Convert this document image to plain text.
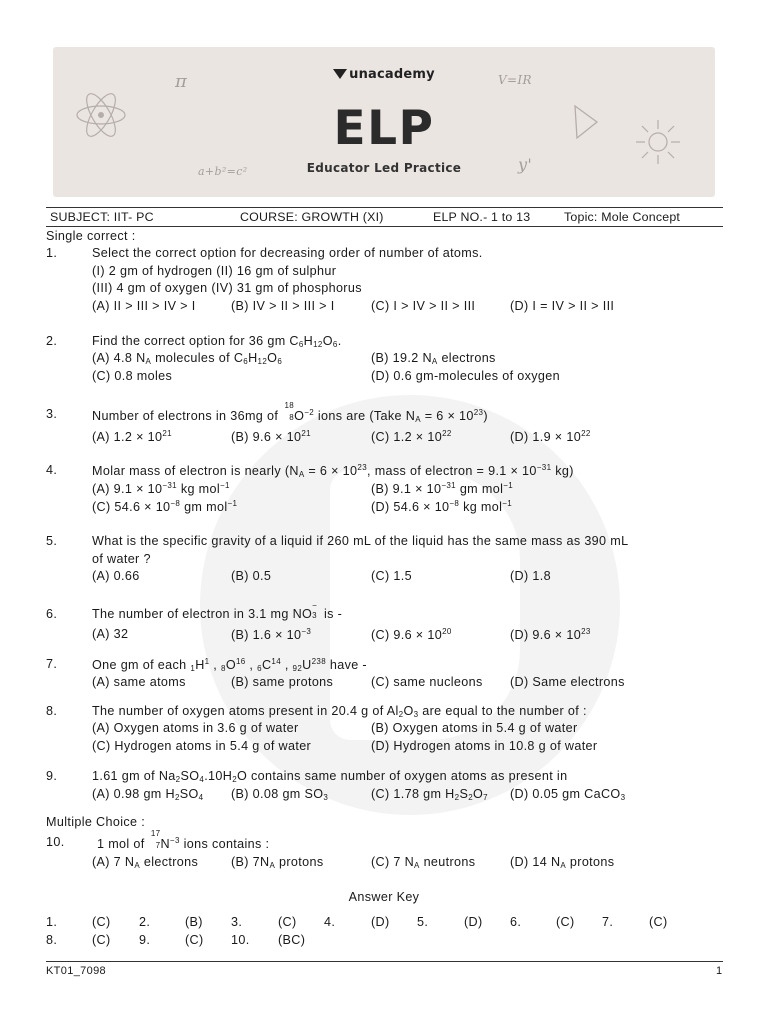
π	V=IR
a+b²=c²	y'
unacademy
ELP
Educator Led Practice
SUBJECT: IIT- PC	COURSE: GROWTH (XI)	ELP NO.- 1 to 13	Topic: Mole Concept
Single correct :
1.	Select the correct option for decreasing order of number of atoms.
(I) 2 gm of hydrogen (II) 16 gm of sulphur
(III) 4 gm of oxygen (IV) 31 gm of phosphorus
(A) II > III > IV > I	(B) IV > II > III > I	(C) I > IV > II > III	(D) I = IV > II > III
2.	Find the correct option for 36 gm $C_6H_{12}O_6$.
(A) 4.8 $N_A$ molecules of $C_6H_{12}O_6$	(B) 19.2 $N_A$ electrons
(C) 0.8 moles	(D) 0.6 gm-molecules of oxygen
3.	Number of electrons in 36mg of
18
8 $O^{-2}$ ions are (Take $N_A = 6 \times 10^{23}$)
(A) $1.2 \times 10^{21}$	(B) $9.6 \times 10^{21}$	(C) $1.2 \times 10^{22}$	(D) $1.9 \times 10^{22}$
4.	Molar mass of electron is nearly ($N_A = 6 \times 10^{23}$, mass of electron = $9.1 \times 10^{-31}$ kg)
(A) $9.1 \times 10^{-31}$ kg mol$^{-1}$	(B) $9.1 \times 10^{-31}$ gm mol$^{-1}$
(C) $54.6 \times 10^{-8}$ gm mol$^{-1}$	(D) $54.6 \times 10^{-8}$ kg mol$^{-1}$
5.	What is the specific gravity of a liquid if 260 mL of the liquid has the same mass as 390 mL
of water ?
(A) 0.66	(B) 0.5	(C) 1.5	(D) 1.8
6.	The number of electron in 3.1 mg NO
−
3 is -
(A) 32	(B) $1.6 \times 10^{-3}$	(C) $9.6 \times 10^{20}$	(D) $9.6 \times 10^{23}$
7.	One gm of each $_1H^1$ , $_8O^{16}$ , $_6C^{14}$ , $_{92}U^{238}$ have -
(A) same atoms	(B) same protons	(C) same nucleons (D) Same electrons
8.	The number of oxygen atoms present in 20.4 g of $Al_2O_3$ are equal to the number of :
(A) Oxygen atoms in 3.6 g of water	(B) Oxygen atoms in 5.4 g of water
(C) Hydrogen atoms in 5.4 g of water	(D) Hydrogen atoms in 10.8 g of water
9.	1.61 gm of $Na_2SO_4.10H_2O$ contains same number of oxygen atoms as present in
(A) 0.98 gm $H_2SO_4$ (B) 0.08 gm $SO_3$	(C) 1.78 gm $H_2S_2O_7$ (D) 0.05 gm CaCO$_3$
Multiple Choice :
10.	1 mol of
17
7 $N^{-3}$ ions contains :
(A) 7 $N_A$ electrons	(B) $7N_A$ protons	(C) 7 $N_A$ neutrons	(D) 14 $N_A$ protons
Answer Key
1.	(C) 2.	(B) 3.	(C) 4.	(D) 5.	(D) 6.	(C) 7.	(C)
8.	(C) 9.	(C) 10. (BC)
KT01_7098	1
